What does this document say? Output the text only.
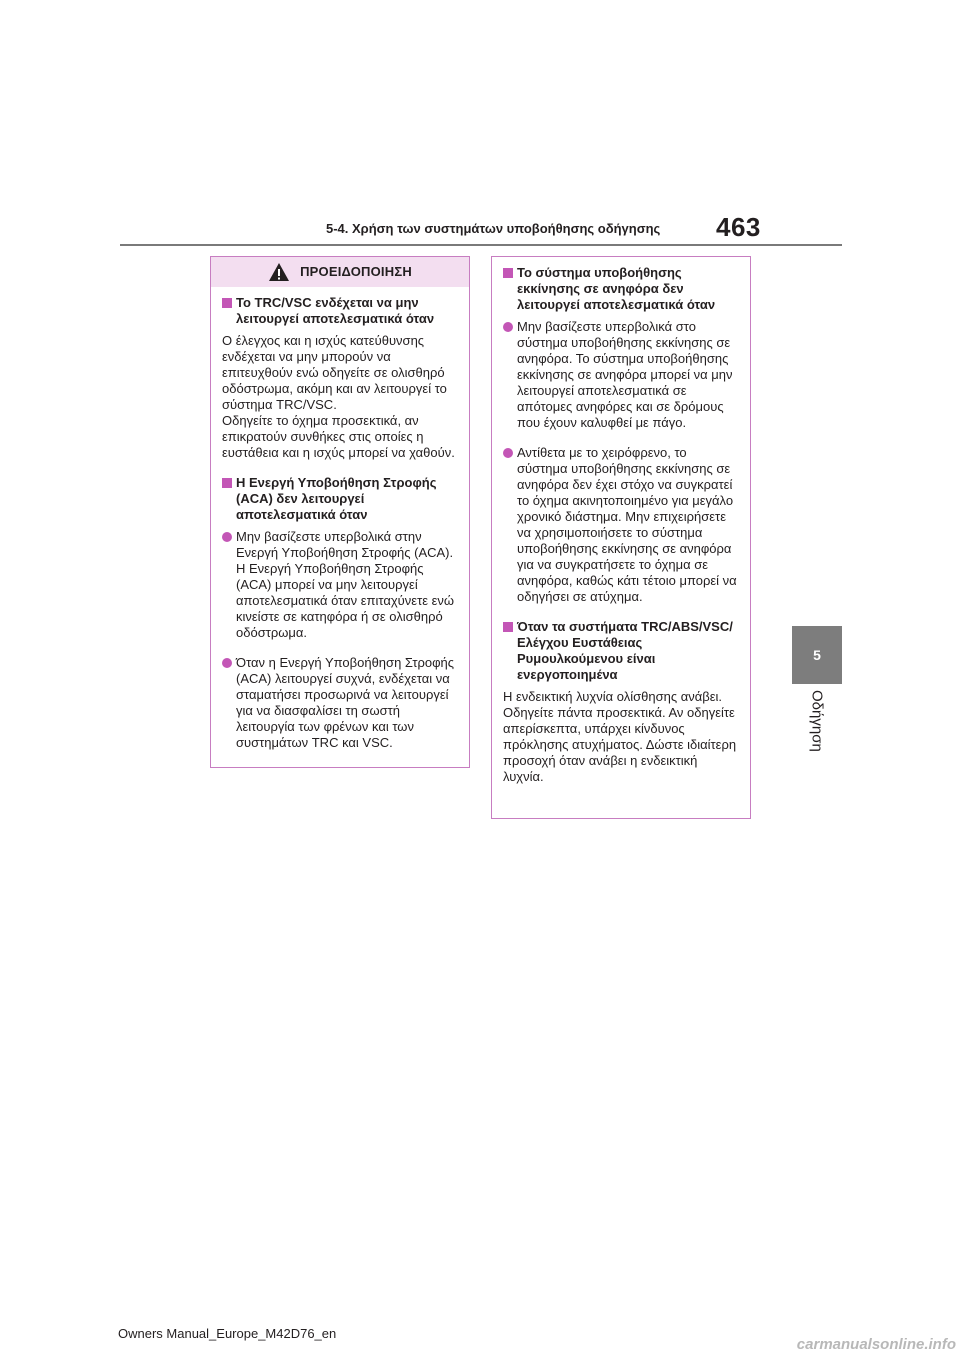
5-4. Χρήση των συστημάτων υποβοήθησης οδήγησης	463
5
Οδήγηση
ΠΡΟΕΙΔΟΠΟΙΗΣΗ
Το TRC/VSC ενδέχεται να μην λειτουργεί αποτελεσματικά όταν
Ο έλεγχος και η ισχύς κατεύθυνσης ενδέχεται να μην μπορούν να επιτευχθούν ενώ οδηγείτε σε ολισθηρό οδόστρωμα, ακόμη και αν λειτουργεί το σύστημα TRC/VSC.
Οδηγείτε το όχημα προσεκτικά, αν επικρατούν συνθήκες στις οποίες η ευστάθεια και η ισχύς μπορεί να χαθούν.
Η Ενεργή Υποβοήθηση Στροφής (ACA) δεν λειτουργεί αποτελεσματικά όταν
Μην βασίζεστε υπερβολικά στην Ενεργή Υποβοήθηση Στροφής (ACA). Η Ενεργή Υποβοήθηση Στροφής (ACA) μπορεί να μην λειτουργεί αποτελεσματικά όταν επιταχύνετε ενώ κινείστε σε κατηφόρα ή σε ολισθηρό οδόστρωμα.
Όταν η Ενεργή Υποβοήθηση Στροφής (ACA) λειτουργεί συχνά, ενδέχεται να σταματήσει προσωρινά να λειτουργεί για να διασφαλίσει τη σωστή λειτουργία των φρένων και των συστημάτων TRC και VSC.
Το σύστημα υποβοήθησης εκκίνησης σε ανηφόρα δεν λειτουργεί αποτελεσματικά όταν
Μην βασίζεστε υπερβολικά στο σύστημα υποβοήθησης εκκίνησης σε ανηφόρα. Το σύστημα υποβοήθησης εκκίνησης σε ανηφόρα μπορεί να μην λειτουργεί αποτελεσματικά σε απότομες ανηφόρες και σε δρόμους που έχουν καλυφθεί με πάγο.
Αντίθετα με το χειρόφρενο, το σύστημα υποβοήθησης εκκίνησης σε ανηφόρα δεν έχει στόχο να συγκρατεί το όχημα ακινητοποιημένο για μεγάλο χρονικό διάστημα. Μην επιχειρήσετε να χρησιμοποιήσετε το σύστημα υποβοήθησης εκκίνησης σε ανηφόρα για να συγκρατήσετε το όχημα σε ανηφόρα, καθώς κάτι τέτοιο μπορεί να οδηγήσει σε ατύχημα.
Όταν τα συστήματα TRC/ABS/VSC/Ελέγχου Ευστάθειας Ρυμουλκούμενου είναι ενεργοποιημένα
Η ενδεικτική λυχνία ολίσθησης ανάβει. Οδηγείτε πάντα προσεκτικά. Αν οδηγείτε απερίσκεπτα, υπάρχει κίνδυνος πρόκλησης ατυχήματος. Δώστε ιδιαίτερη προσοχή όταν ανάβει η ενδεικτική λυχνία.
Owners Manual_Europe_M42D76_en
carmanualsonline.info
